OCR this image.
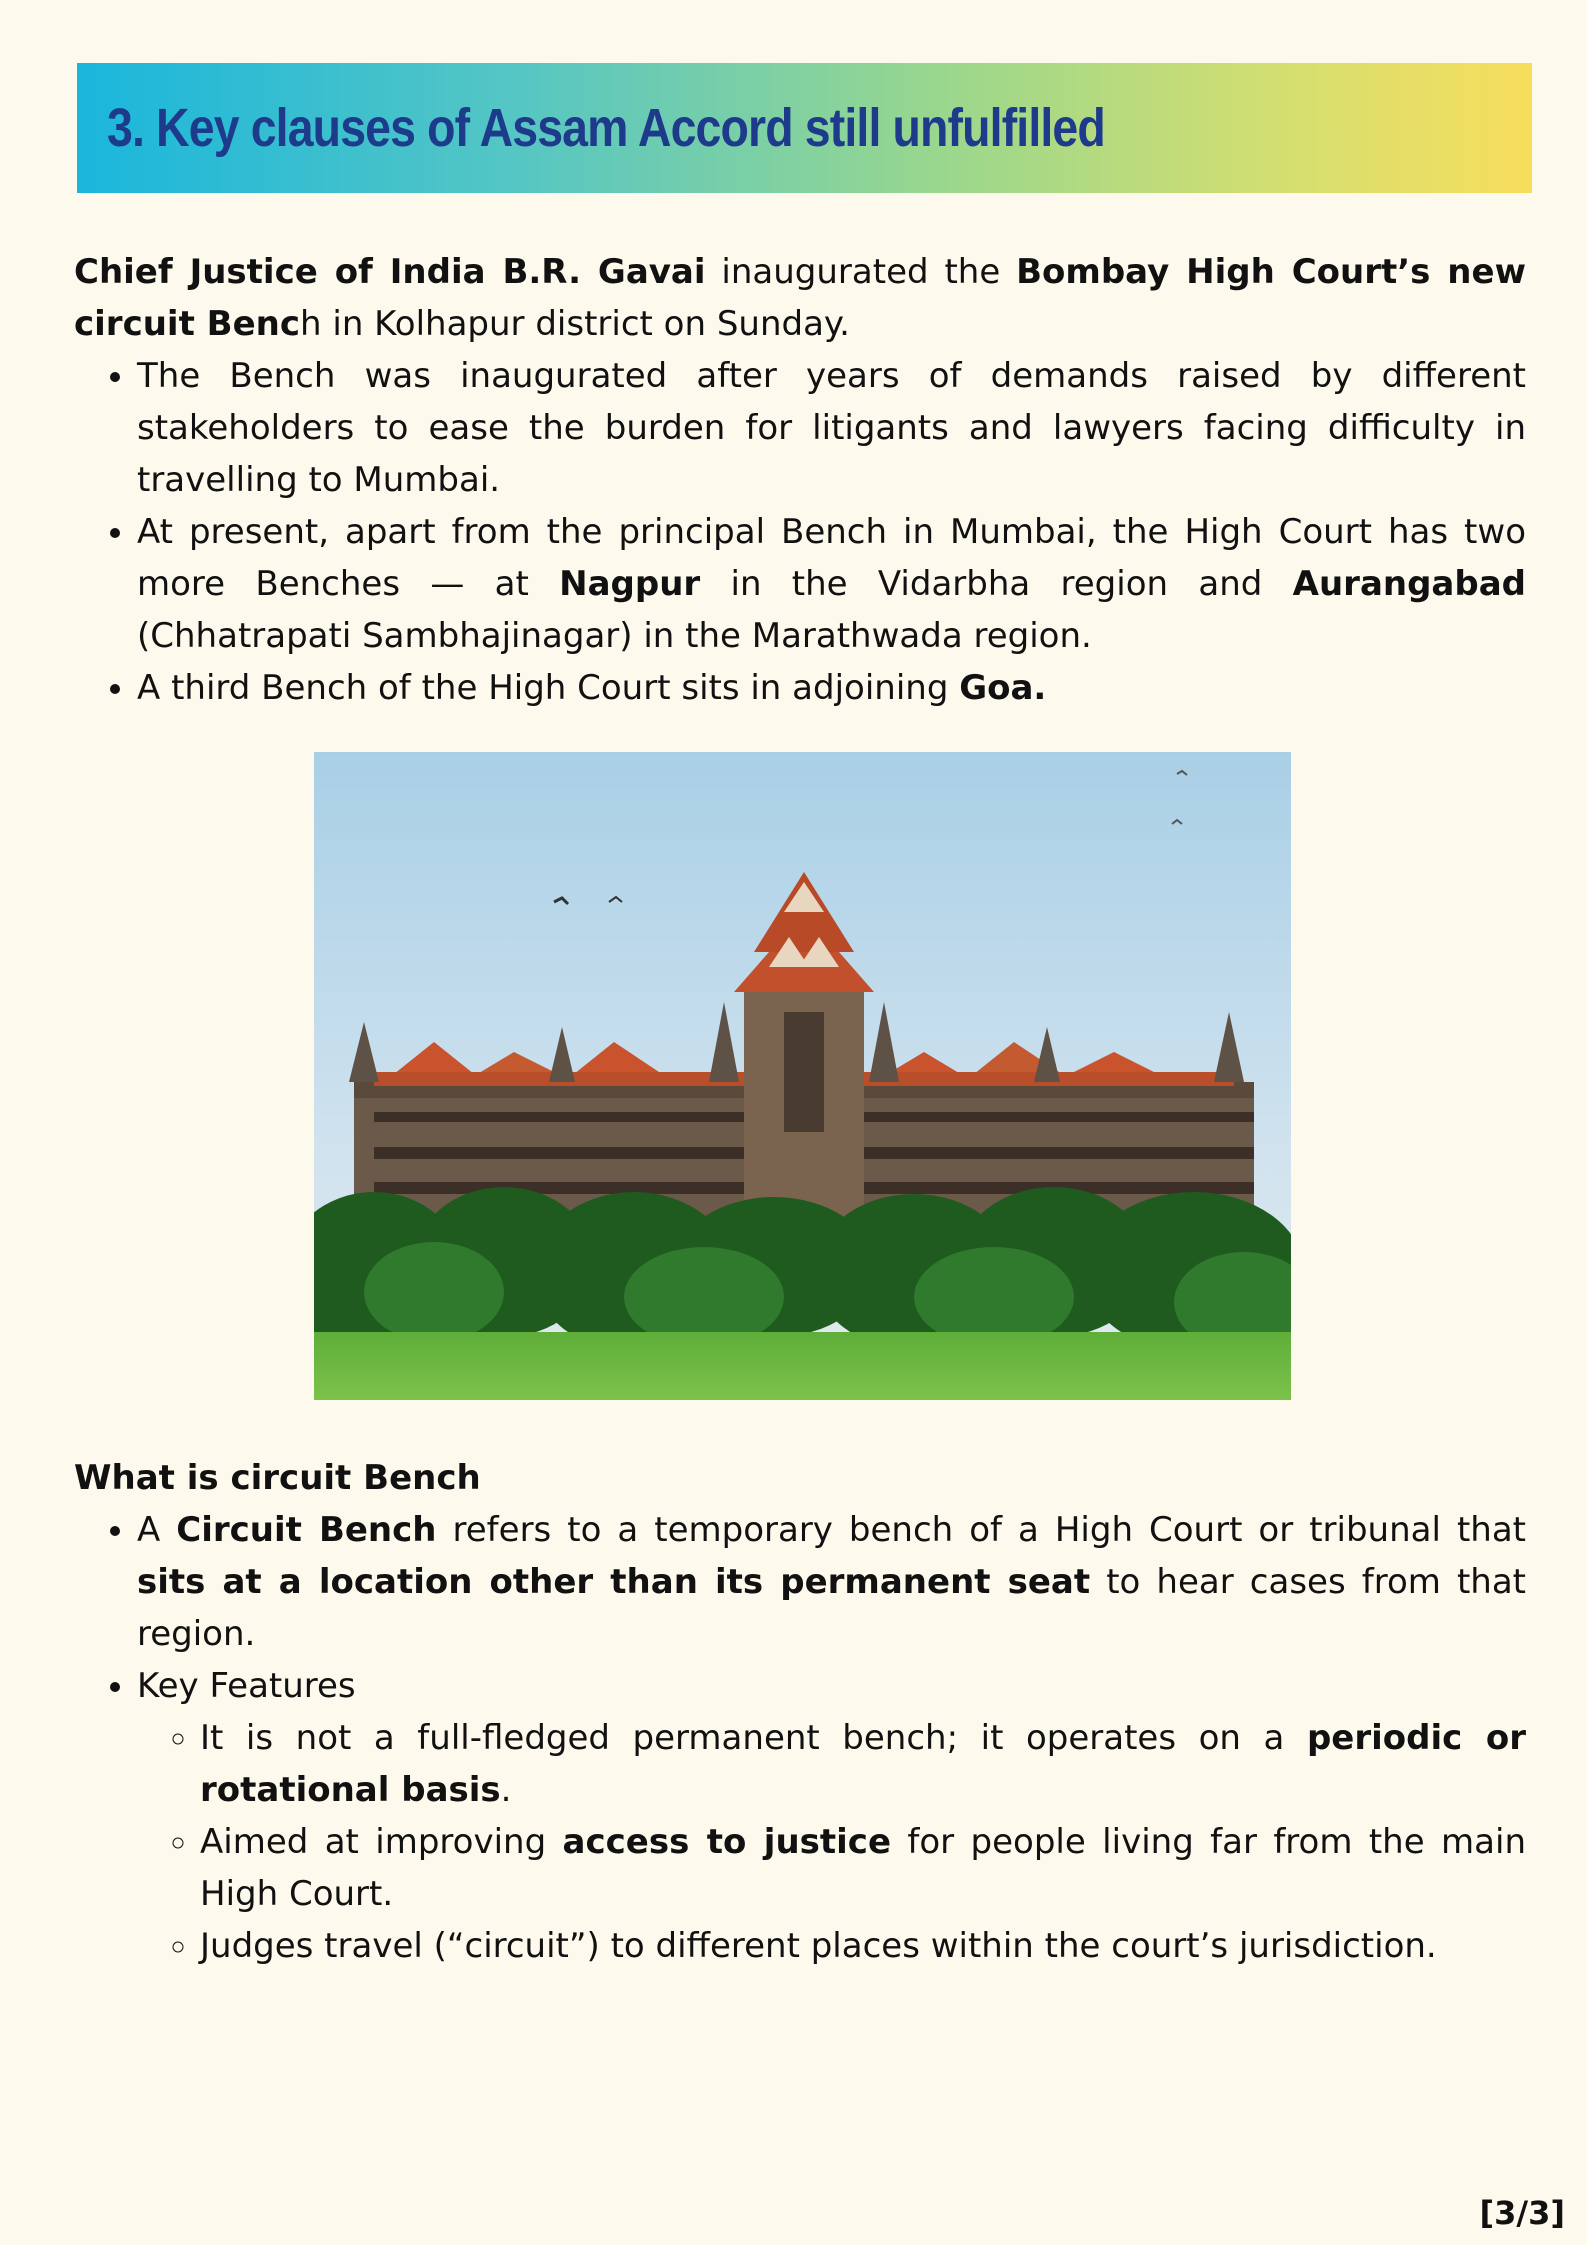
3. Key clauses of Assam Accord still unfulfilled

Chief Justice of India B.R. Gavai inaugurated the Bombay High Court’s new circuit Bench in Kolhapur district on Sunday.

• The Bench was inaugurated after years of demands raised by different stakeholders to ease the burden for litigants and lawyers facing difficulty in travelling to Mumbai.
• At present, apart from the principal Bench in Mumbai, the High Court has two more Benches — at Nagpur in the Vidarbha region and Aurangabad (Chhatrapati Sambhajinagar) in the Marathwada region.
• A third Bench of the High Court sits in adjoining Goa.

What is circuit Bench

• A Circuit Bench refers to a temporary bench of a High Court or tribunal that sits at a location other than its permanent seat to hear cases from that region.
• Key Features
◦ It is not a full-fledged permanent bench; it operates on a periodic or rotational basis.
◦ Aimed at improving access to justice for people living far from the main High Court.
◦ Judges travel (“circuit”) to different places within the court’s jurisdiction.
[3/3]
